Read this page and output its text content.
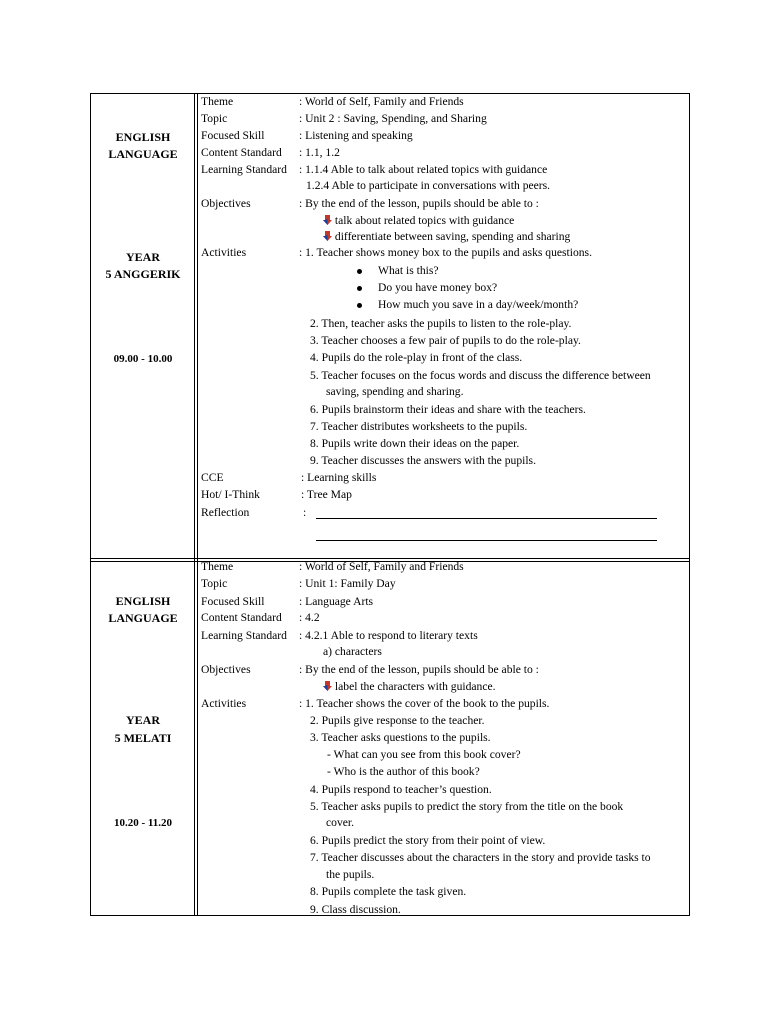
ENGLISH
LANGUAGE
YEAR
5 ANGGERIK
09.00 - 10.00
Theme	: World of Self, Family and Friends
Topic	: Unit 2 : Saving, Spending, and Sharing
Focused Skill	: Listening and speaking
Content Standard : 1.1, 1.2
Learning Standard : 1.1.4 Able to talk about related topics with guidance
1.2.4 Able to participate in conversations with peers.
Objectives	: By the end of the lesson, pupils should be able to :
talk about related topics with guidance
differentiate between saving, spending and sharing
Activities	: 1. Teacher shows money box to the pupils and asks questions.
What is this?
Do you have money box?
How much you save in a day/week/month?
2. Then, teacher asks the pupils to listen to the role-play.
3. Teacher chooses a few pair of pupils to do the role-play.
4. Pupils do the role-play in front of the class.
5. Teacher focuses on the focus words and discuss the difference between
saving, spending and sharing.
6. Pupils brainstorm their ideas and share with the teachers.
7. Teacher distributes worksheets to the pupils.
8. Pupils write down their ideas on the paper.
9. Teacher discusses the answers with the pupils.
CCE	: Learning skills
Hot/ I-Think	: Tree Map
Reflection	:
ENGLISH
LANGUAGE
YEAR
5 MELATI
10.20 - 11.20
Theme	: World of Self, Family and Friends
Topic	: Unit 1: Family Day
Focused Skill	: Language Arts
Content Standard : 4.2
Learning Standard : 4.2.1 Able to respond to literary texts
a) characters
Objectives	: By the end of the lesson, pupils should be able to :
label the characters with guidance.
Activities	: 1. Teacher shows the cover of the book to the pupils.
2. Pupils give response to the teacher.
3. Teacher asks questions to the pupils.
- What can you see from this book cover?
- Who is the author of this book?
4. Pupils respond to teacher’s question.
5. Teacher asks pupils to predict the story from the title on the book
cover.
6. Pupils predict the story from their point of view.
7. Teacher discusses about the characters in the story and provide tasks to
the pupils.
8. Pupils complete the task given.
9. Class discussion.
